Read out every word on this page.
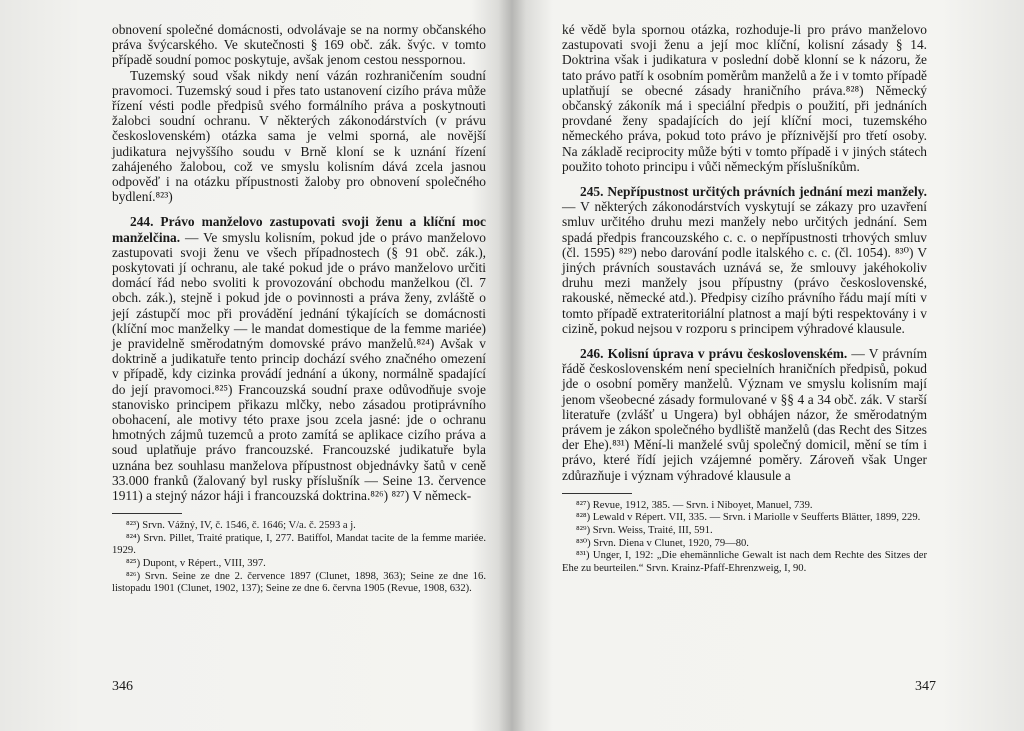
obnovení společné domácnosti, odvolávaje se na normy občanského práva švýcarského. Ve skutečnosti § 169 obč. zák. švýc. v tomto případě soudní pomoc poskytuje, avšak jenom cestou nesspornou.

Tuzemský soud však nikdy není vázán rozhraničením soudní pravomoci. Tuzemský soud i přes tato ustanovení cizího práva může řízení vésti podle předpisů svého formálního práva a poskytnouti žalobci soudní ochranu. V některých zákonodárstvích (v právu československém) otázka sama je velmi sporná, ale novější judikatura nejvyššího soudu v Brně kloní se k uznání řízení zahájeného žalobou, což ve smyslu kolisním dává zcela jasnou odpověď i na otázku přípustnosti žaloby pro obnovení společného bydlení.⁸²³)

244. Právo manželovo zastupovati svoji ženu a klíční moc manželčina. — Ve smyslu kolisním, pokud jde o právo manželovo zastupovati svoji ženu ve všech případnostech (§ 91 obč. zák.), poskytovati jí ochranu, ale také pokud jde o právo manželovo určiti domácí řád nebo svoliti k provozování obchodu manželkou (čl. 7 obch. zák.), stejně i pokud jde o povinnosti a práva ženy, zvláště o její zástupčí moc při provádění jednání týkajících se domácnosti (klíční moc manželky — le mandat domestique de la femme mariée) je pravidelně směrodatným domovské právo manželů.⁸²⁴) Avšak v doktrině a judikatuře tento princip dochází svého značného omezení v případě, kdy cizinka provádí jednání a úkony, normálně spadající do její pravomoci.⁸²⁵) Francouzská soudní praxe odůvodňuje svoje stanovisko principem přikazu mlčky, nebo zásadou protiprávního obohacení, ale motivy této praxe jsou zcela jasné: jde o ochranu hmotných zájmů tuzemců a proto zamítá se aplikace cizího práva a soud uplatňuje právo francouzské. Francouzské judikatuře byla uznána bez souhlasu manželova přípustnost objednávky šatů v ceně 33.000 franků (žalovaný byl rusky příslušník — Seine 13. července 1911) a stejný názor háji i francouzská doktrina.⁸²⁶) ⁸²⁷) V německ-

⁸²³) Srvn. Vážný, IV, č. 1546, č. 1646; V/a. č. 2593 a j.

⁸²⁴) Srvn. Pillet, Traité pratique, I, 277. Batiffol, Mandat tacite de la femme mariée. 1929.

⁸²⁵) Dupont, v Répert., VIII, 397.

⁸²⁶) Srvn. Seine ze dne 2. července 1897 (Clunet, 1898, 363); Seine ze dne 16. listopadu 1901 (Clunet, 1902, 137); Seine ze dne 6. června 1905 (Revue, 1908, 632).

346

ké vědě byla spornou otázka, rozhoduje-li pro právo manželovo zastupovati svoji ženu a její moc klíční, kolisní zásady § 14. Doktrina však i judikatura v poslední době klonní se k názoru, že tato právo patří k osobním poměrům manželů a že i v tomto případě uplatňují se obecné zásady hraničního práva.⁸²⁸) Německý občanský zákoník má i speciální předpis o použití, při jednáních provdané ženy spadajících do její klíční moci, tuzemského německého práva, pokud toto právo je příznivější pro třetí osoby. Na základě reciprocity může býti v tomto případě i v jiných státech použito tohoto principu i vůči německým příslušníkům.

245. Nepřípustnost určitých právních jednání mezi manžely. — V některých zákonodárstvích vyskytují se zákazy pro uzavření smluv určitého druhu mezi manžely nebo určitých jednání. Sem spadá předpis francouzského c. c. o nepřípustnosti trhových smluv (čl. 1595) ⁸²⁹) nebo darování podle italského c. c. (čl. 1054). ⁸³⁰) V jiných právních soustavách uznává se, že smlouvy jakéhokoliv druhu mezi manžely jsou přípustny (právo československé, rakouské, německé atd.). Předpisy cizího právního řádu mají míti v tomto případě extrateritoriální platnost a mají býti respektovány i v cizině, pokud nejsou v rozporu s principem výhradové klausule.

246. Kolisní úprava v právu československém. — V právním řádě československém není specielních hraničních předpisů, pokud jde o osobní poměry manželů. Význam ve smyslu kolisním mají jenom všeobecné zásady formulované v §§ 4 a 34 obč. zák. V starší literatuře (zvlášť u Ungera) byl obhájen názor, že směrodatným právem je zákon společného bydliště manželů (das Recht des Sitzes der Ehe).⁸³¹) Mění-li manželé svůj společný domicil, mění se tím i právo, které řídí jejich vzájemné poměry. Zároveň však Unger zdůrazňuje i význam výhradové klausule a

⁸²⁷) Revue, 1912, 385. — Srvn. i Niboyet, Manuel, 739.

⁸²⁸) Lewald v Répert. VII, 335. — Srvn. i Mariolle v Seufferts Blätter, 1899, 229.

⁸²⁹) Srvn. Weiss, Traité, III, 591.

⁸³⁰) Srvn. Diena v Clunet, 1920, 79—80.

⁸³¹) Unger, I, 192: „Die ehemännliche Gewalt ist nach dem Rechte des Sitzes der Ehe zu beurteilen.“ Srvn. Krainz-Pfaff-Ehrenzweig, I, 90.

347
